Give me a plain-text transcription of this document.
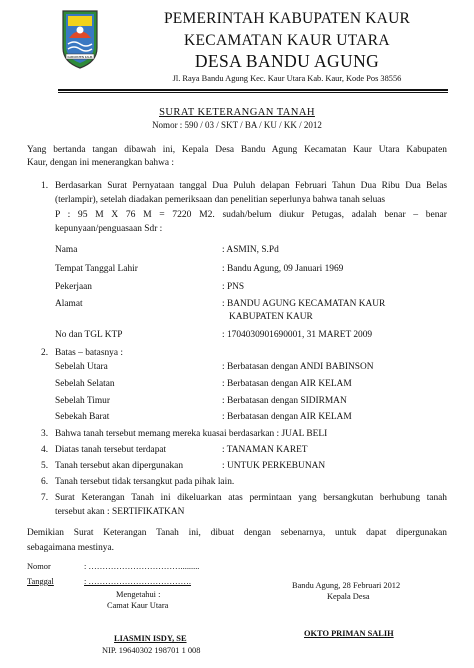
KABUPATEN KAUR
PEMERINTAH KABUPATEN KAUR
KECAMATAN KAUR UTARA
DESA BANDU AGUNG
Jl. Raya Bandu Agung Kec. Kaur Utara Kab. Kaur, Kode Pos 38556
SURAT KETERANGAN TANAH
Nomor : 590 / 03 / SKT / BA / KU / KK / 2012
Yang bertanda tangan dibawah ini, Kepala Desa Bandu Agung Kecamatan Kaur Utara Kabupaten
Kaur, dengan ini menerangkan bahwa :
1. Berdasarkan Surat Pernyataan tanggal Dua Puluh delapan Februari Tahun Dua Ribu Dua Belas
(terlampir), setelah diadakan pemeriksaan dan penelitian seperlunya bahwa tanah seluas
P : 95 M X 76 M = 7220 M2. sudah/belum diukur Petugas, adalah benar – benar
kepunyaan/penguasaan Sdr :
Nama	: ASMIN, S.Pd
Tempat Tanggal Lahir	: Bandu Agung, 09 Januari 1969
Pekerjaan	: PNS
Alamat	: BANDU AGUNG KECAMATAN KAUR
KABUPATEN KAUR
No dan TGL KTP	: 1704030901690001, 31 MARET 2009
2. Batas – batasnya :
Sebelah Utara	: Berbatasan dengan ANDI BABINSON
Sebelah Selatan	: Berbatasan dengan AIR KELAM
Sebelah Timur	: Berbatasan dengan SIDIRMAN
Sebekah Barat	: Berbatasan dengan AIR KELAM
3. Bahwa tanah tersebut memang mereka kuasai berdasarkan : JUAL BELI
4. Diatas tanah tersebut terdapat	: TANAMAN KARET
5. Tanah tersebut akan dipergunakan	: UNTUK PERKEBUNAN
6. Tanah tersebut tidak tersangkut pada pihak lain.
7. Surat Keterangan Tanah ini dikeluarkan atas permintaan yang bersangkutan berhubung tanah
tersebut akan : SERTIFIKATKAN
Demikian Surat Keterangan Tanah ini, dibuat dengan sebenarnya, untuk dapat dipergunakan
sebagaimana mestinya.
Nomor	: …………………………….........
Tanggal	: ……………………………….
Mengetahui :
Camat Kaur Utara
Bandu Agung, 28 Februari 2012
Kepala Desa
LIASMIN ISDY, SE
NIP. 19640302 198701 1 008
OKTO PRIMAN SALIH
